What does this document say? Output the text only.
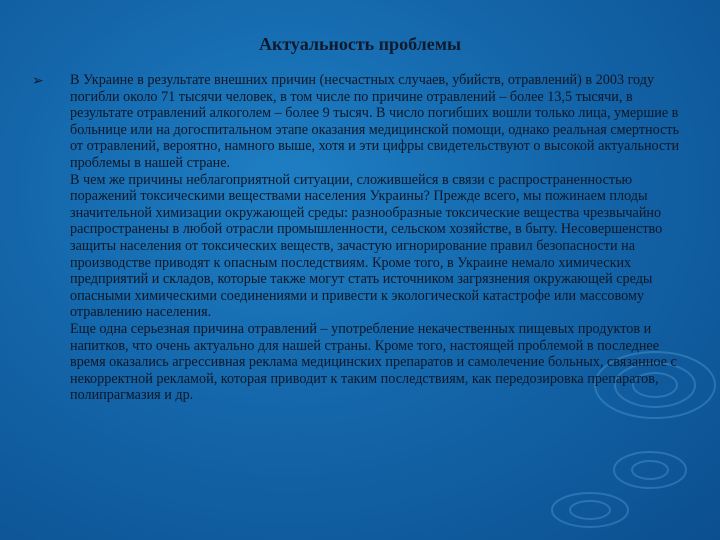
Актуальность проблемы
➢ В Украине в результате внешних причин (несчастных случаев, убийств, отравлений) в 2003 году погибли около 71 тысячи человек, в том числе по причине отравлений – более 13,5 тысячи, в результате отравлений алкоголем – более 9 тысяч. В число погибших вошли только лица, умершие в больнице или на догоспитальном этапе оказания медицинской помощи, однако реальная смертность от отравлений, вероятно, намного выше, хотя и эти цифры свидетельствуют о высокой актуальности проблемы в нашей стране.

В чем же причины неблагоприятной ситуации, сложившейся в связи с распространенностью поражений токсическими веществами населения Украины? Прежде всего, мы пожинаем плоды значительной химизации окружающей среды: разнообразные токсические вещества чрезвычайно распространены в любой отрасли промышленности, сельском хозяйстве, в быту. Несовершенство защиты населения от токсических веществ, зачастую игнорирование правил безопасности на производстве приводят к опасным последствиям. Кроме того, в Украине немало химических предприятий и складов, которые также могут стать источником загрязнения окружающей среды опасными химическими соединениями и привести к экологической катастрофе или массовому отравлению населения.

Еще одна серьезная причина отравлений – употребление некачественных пищевых продуктов и напитков, что очень актуально для нашей страны. Кроме того, настоящей проблемой в последнее время оказались агрессивная реклама медицинских препаратов и самолечение больных, связанное с некорректной рекламой, которая приводит к таким последствиям, как передозировка препаратов, полипрагмазия и др.
